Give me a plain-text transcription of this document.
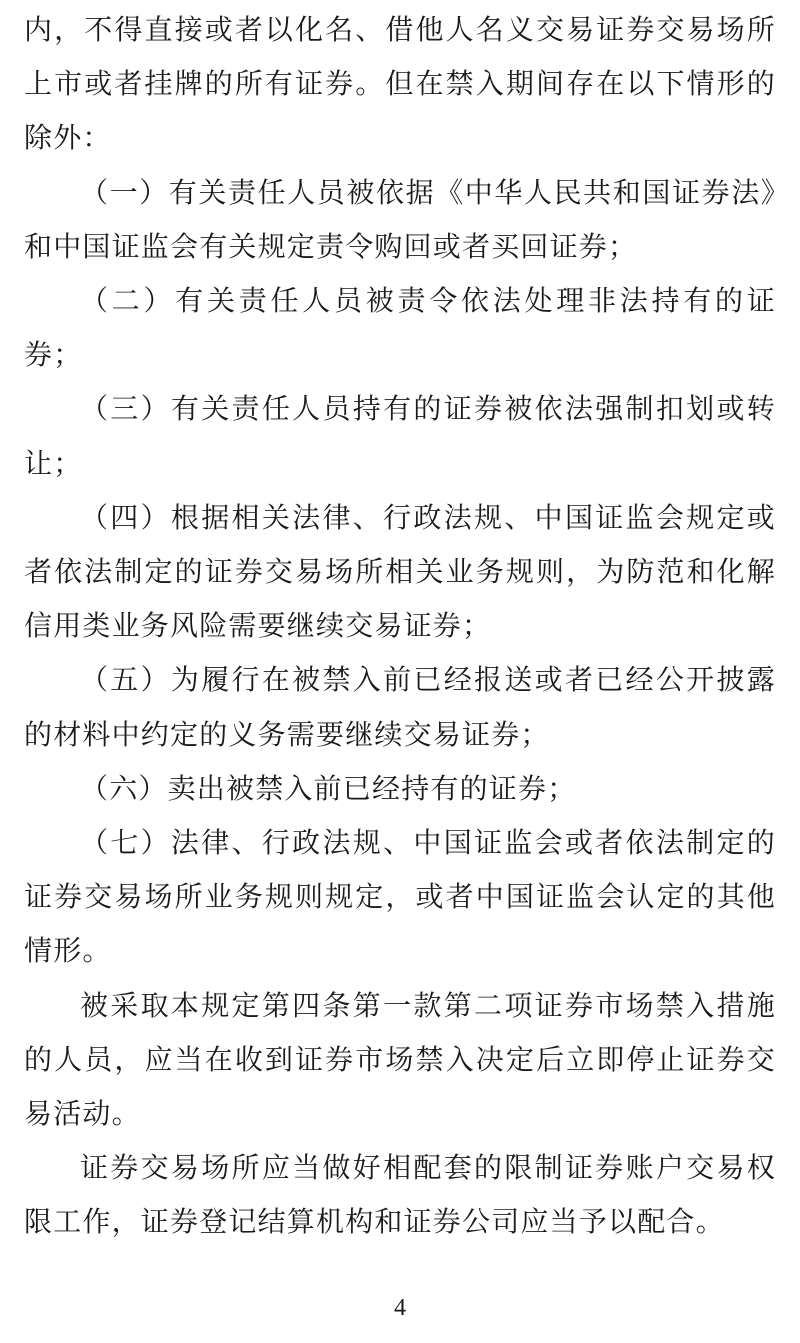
内，不得直接或者以化名、借他人名义交易证券交易场所上市或者挂牌的所有证券。但在禁入期间存在以下情形的除外：

（一）有关责任人员被依据《中华人民共和国证券法》和中国证监会有关规定责令购回或者买回证券；

（二）有关责任人员被责令依法处理非法持有的证券；

（三）有关责任人员持有的证券被依法强制扣划或转让；

（四）根据相关法律、行政法规、中国证监会规定或者依法制定的证券交易场所相关业务规则，为防范和化解信用类业务风险需要继续交易证券；

（五）为履行在被禁入前已经报送或者已经公开披露的材料中约定的义务需要继续交易证券；

（六）卖出被禁入前已经持有的证券；

（七）法律、行政法规、中国证监会或者依法制定的证券交易场所业务规则规定，或者中国证监会认定的其他情形。

被采取本规定第四条第一款第二项证券市场禁入措施的人员，应当在收到证券市场禁入决定后立即停止证券交易活动。

证券交易场所应当做好相配套的限制证券账户交易权限工作，证券登记结算机构和证券公司应当予以配合。

4
